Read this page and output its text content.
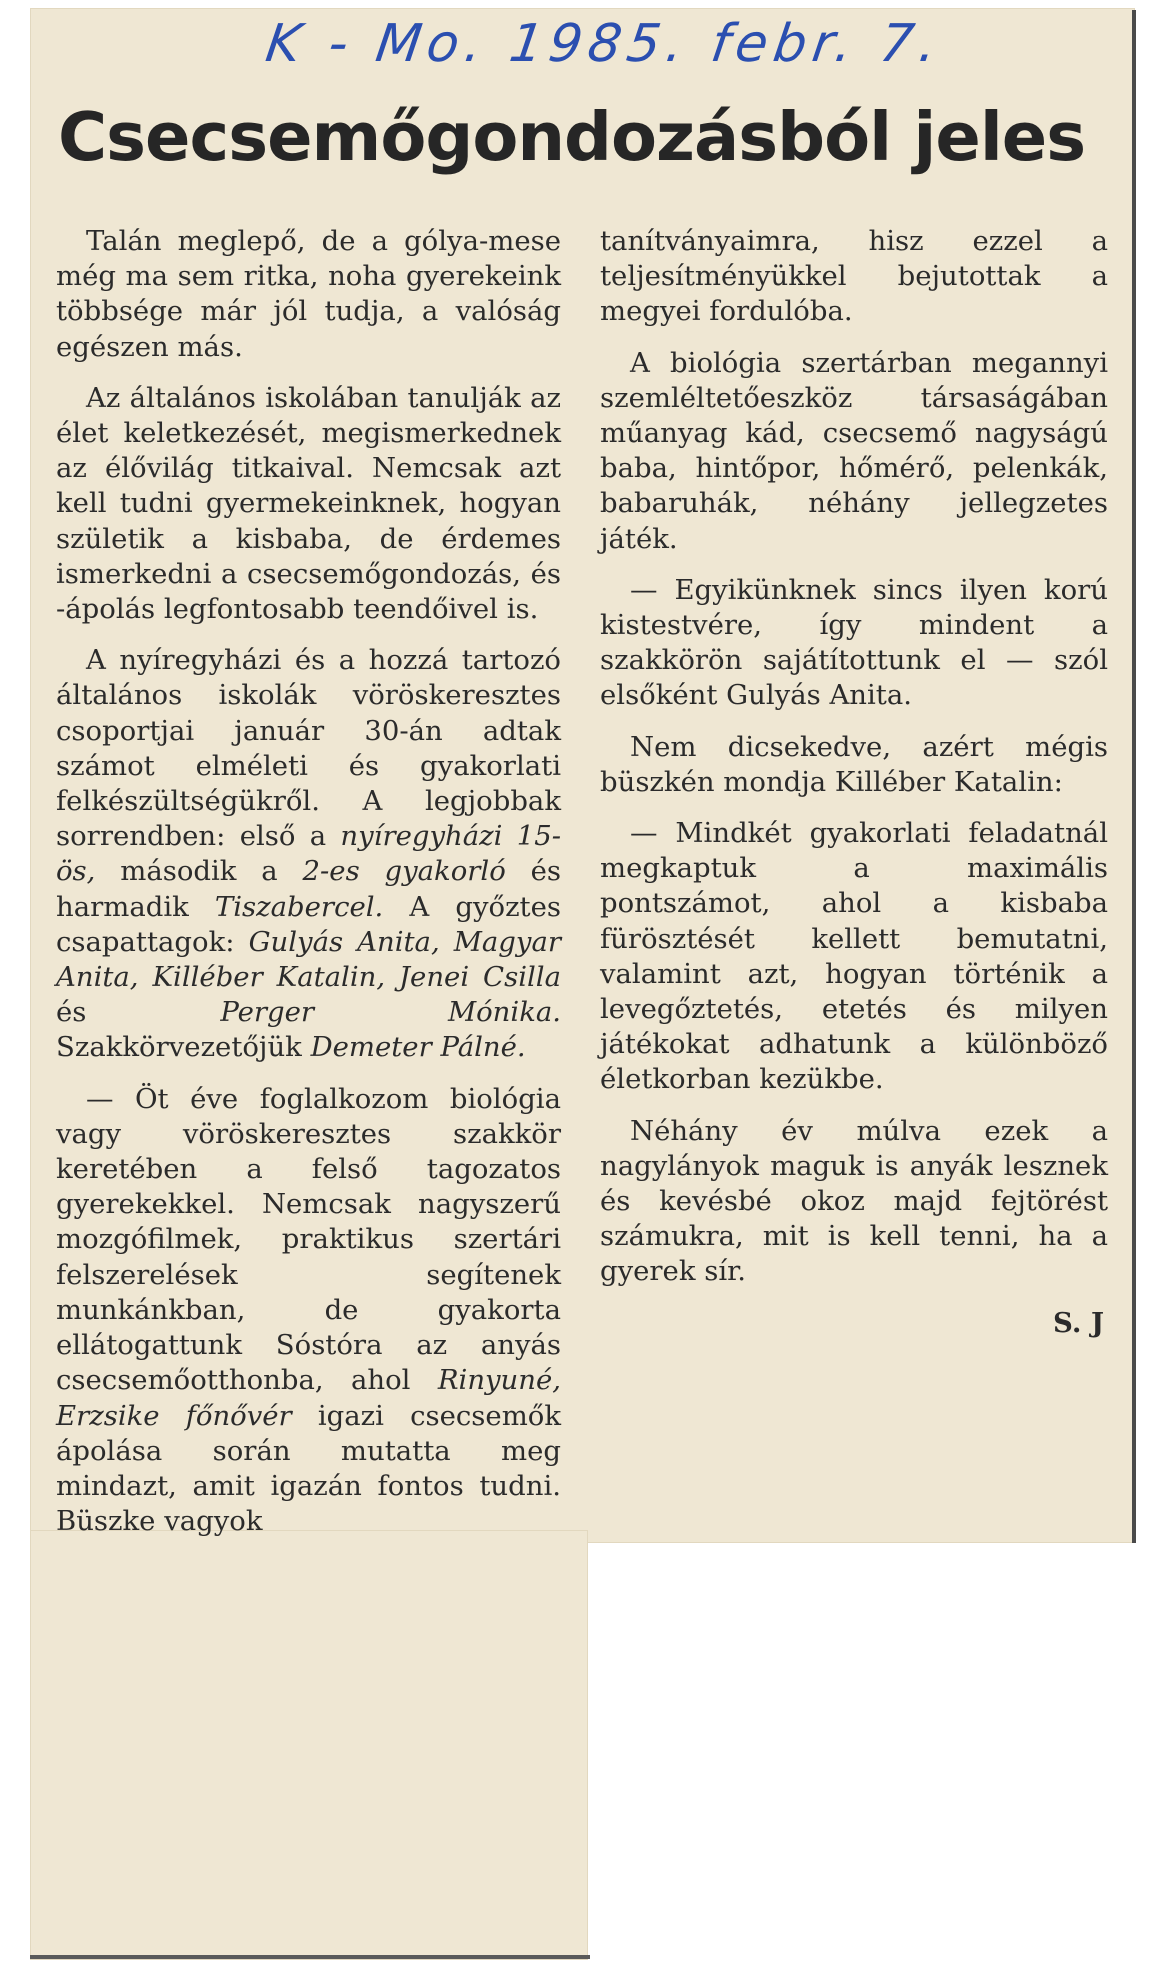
K - Mo. 1985. febr. 7.
Csecsemőgondozásból jeles

Talán meglepő, de a gólya-mese még ma sem ritka, noha gyerekeink többsége már jól tudja, a valóság egészen más.

Az általános iskolában tanulják az élet keletkezését, megismerkednek az élővilág titkaival. Nemcsak azt kell tudni gyermekeinknek, hogyan születik a kisbaba, de érdemes ismerkedni a csecsemőgondozás, és -ápolás legfontosabb teendőivel is.

A nyíregyházi és a hozzá tartozó általános iskolák vöröskeresztes csoportjai január 30-án adtak számot elméleti és gyakorlati felkészültségükről. A legjobbak sorrendben: első a nyíregyházi 15-ös, második a 2-es gyakorló és harmadik Tiszabercel. A győztes csapattagok: Gulyás Anita, Magyar Anita, Killéber Katalin, Jenei Csilla és Perger Mónika. Szakkörvezetőjük Demeter Pálné.

— Öt éve foglalkozom biológia vagy vöröskeresztes szakkör keretében a felső tagozatos gyerekekkel. Nemcsak nagyszerű mozgófilmek, praktikus szertári felszerelések segítenek munkánkban, de gyakorta ellátogattunk Sóstóra az anyás csecsemőotthonba, ahol Rinyuné, Erzsike főnővér igazi csecsemők ápolása során mutatta meg mindazt, amit igazán fontos tudni. Büszke vagyok

tanítványaimra, hisz ezzel a teljesítményükkel bejutottak a megyei fordulóba.

A biológia szertárban megannyi szemléltetőeszköz társaságában műanyag kád, csecsemő nagyságú baba, hintőpor, hőmérő, pelenkák, babaruhák, néhány jellegzetes játék.

— Egyikünknek sincs ilyen korú kistestvére, így mindent a szakkörön sajátítottunk el — szól elsőként Gulyás Anita.

Nem dicsekedve, azért mégis büszkén mondja Killéber Katalin:

— Mindkét gyakorlati feladatnál megkaptuk a maximális pontszámot, ahol a kisbaba fürösztését kellett bemutatni, valamint azt, hogyan történik a levegőztetés, etetés és milyen játékokat adhatunk a különböző életkorban kezükbe.

Néhány év múlva ezek a nagylányok maguk is anyák lesznek és kevésbé okoz majd fejtörést számukra, mit is kell tenni, ha a gyerek sír.

S. J
